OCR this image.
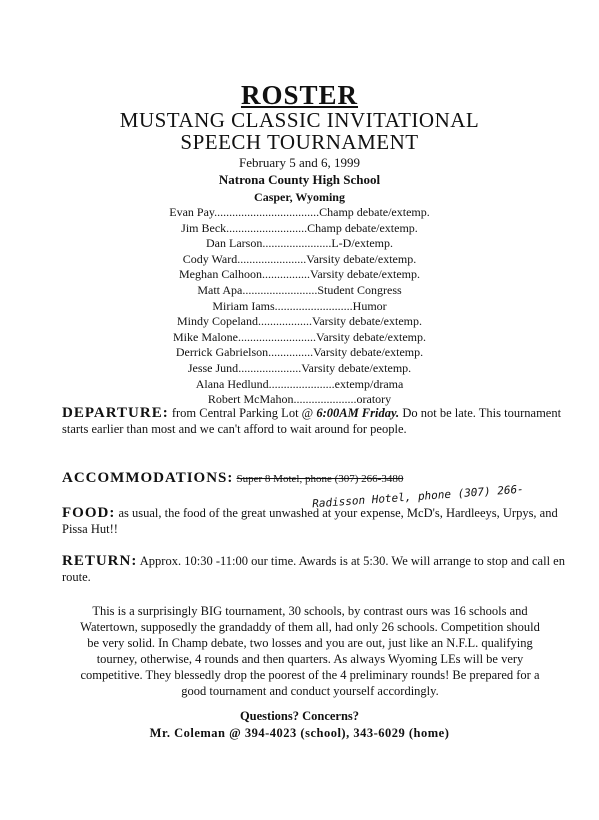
ROSTER
MUSTANG CLASSIC INVITATIONAL
SPEECH TOURNAMENT
February 5 and 6, 1999
Natrona County High School
Casper, Wyoming
Evan Pay...................................Champ debate/extemp.
Jim Beck...........................Champ debate/extemp.
Dan Larson.......................L-D/extemp.
Cody Ward.......................Varsity debate/extemp.
Meghan Calhoon................Varsity debate/extemp.
Matt Apa.........................Student Congress
Miriam Iams..........................Humor
Mindy Copeland..................Varsity debate/extemp.
Mike Malone..........................Varsity debate/extemp.
Derrick Gabrielson...............Varsity debate/extemp.
Jesse Jund.....................Varsity debate/extemp.
Alana Hedlund......................extemp/drama
Robert McMahon.....................oratory
DEPARTURE: from Central Parking Lot @ 6:00AM Friday. Do not be late. This tournament starts earlier than most and we can't afford to wait around for people.
ACCOMMODATIONS: Super 8 Motel, phone (307) 266-3480
Radisson Hotel, phone (307) 266-
FOOD: as usual, the food of the great unwashed at your expense, McD's, Hardleeys, Urpys, and Pissa Hut!!
RETURN: Approx. 10:30 -11:00 our time. Awards is at 5:30. We will arrange to stop and call en route.
This is a surprisingly BIG tournament, 30 schools, by contrast ours was 16 schools and Watertown, supposedly the grandaddy of them all, had only 26 schools. Competition should be very solid. In Champ debate, two losses and you are out, just like an N.F.L. qualifying tourney, otherwise, 4 rounds and then quarters. As always Wyoming LEs will be very competitive. They blessedly drop the poorest of the 4 preliminary rounds! Be prepared for a good tournament and conduct yourself accordingly.
Questions? Concerns?
Mr. Coleman @ 394-4023 (school), 343-6029 (home)
